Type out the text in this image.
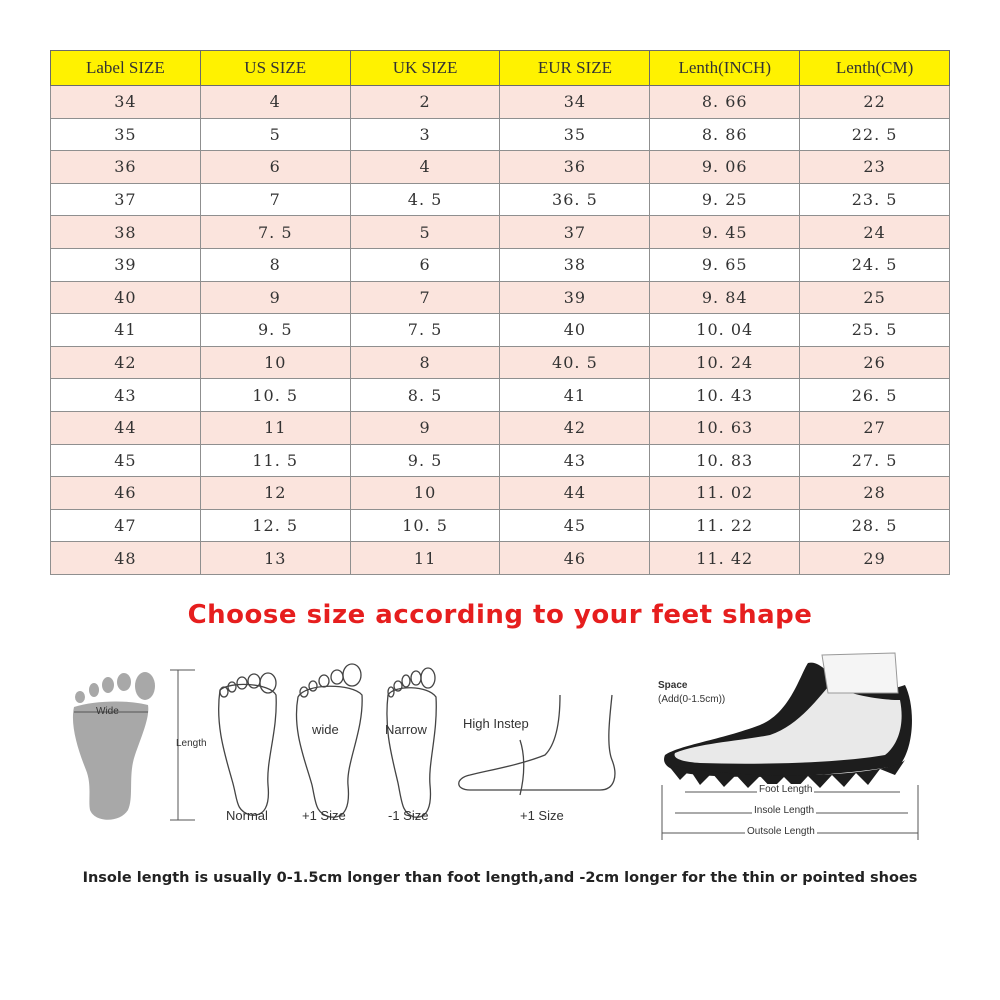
Label SIZE	US SIZE	UK SIZE	EUR SIZE	Lenth(INCH)	Lenth(CM)
34	4	2	34	8. 66	22
35	5	3	35	8. 86	22. 5
36	6	4	36	9. 06	23
37	7	4. 5	36. 5	9. 25	23. 5
38	7. 5	5	37	9. 45	24
39	8	6	38	9. 65	24. 5
40	9	7	39	9. 84	25
41	9. 5	7. 5	40	10. 04	25. 5
42	10	8	40. 5	10. 24	26
43	10. 5	8. 5	41	10. 43	26. 5
44	11	9	42	10. 63	27
45	11. 5	9. 5	43	10. 83	27. 5
46	12	10	44	11. 02	28
47	12. 5	10. 5	45	11. 22	28. 5
48	13	11	46	11. 42	29
Choose size according to your feet shape
Wide
Length
Normal
wide
+1 Size
Narrow
-1 Size
High Instep
+1 Size
Space
(Add(0-1.5cm))
Foot Length
Insole Length
Outsole Length
Insole length is usually 0-1.5cm longer than foot length,and -2cm longer for the thin or pointed shoes
